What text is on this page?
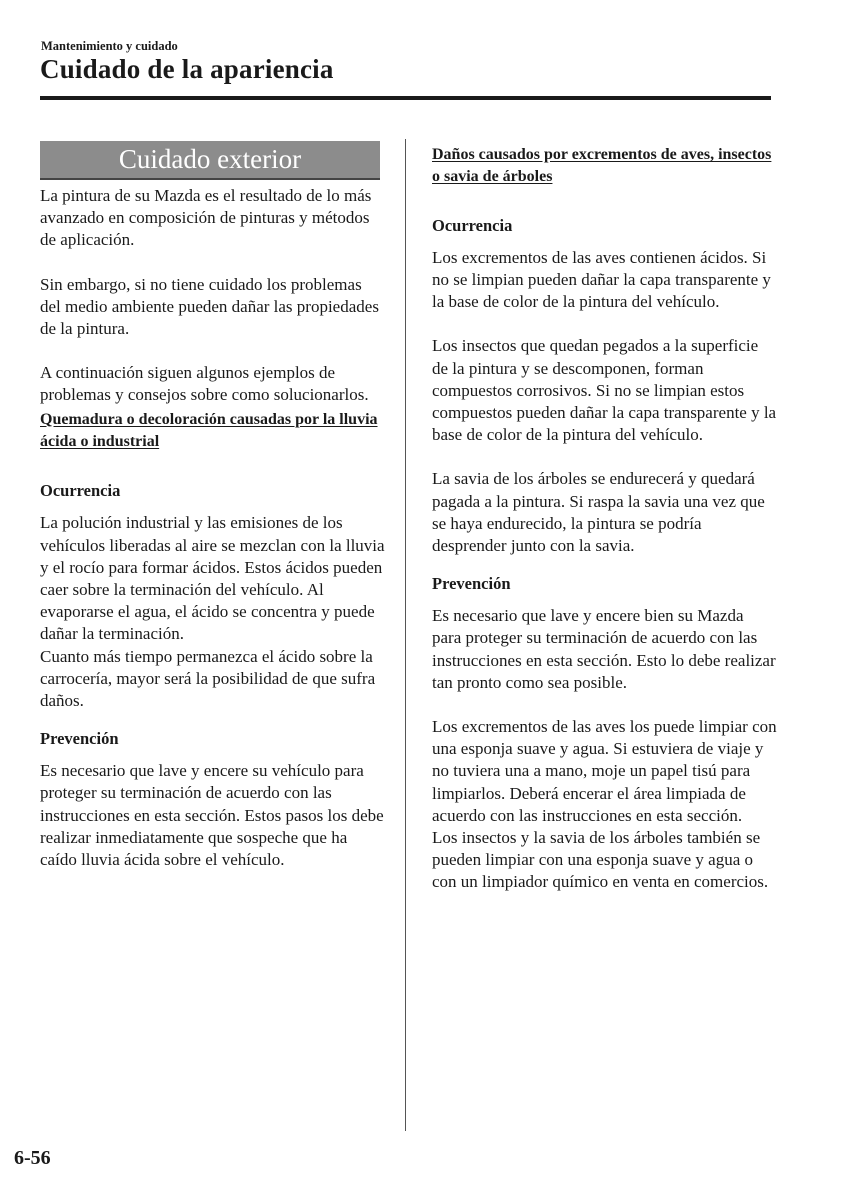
Mantenimiento y cuidado
Cuidado de la apariencia
Cuidado exterior

La pintura de su Mazda es el resultado de lo más avanzado en composición de pinturas y métodos de aplicación.

Sin embargo, si no tiene cuidado los problemas del medio ambiente pueden dañar las propiedades de la pintura.

A continuación siguen algunos ejemplos de problemas y consejos sobre como solucionarlos.

Quemadura o decoloración causadas por la lluvia ácida o industrial
Ocurrencia

La polución industrial y las emisiones de los vehículos liberadas al aire se mezclan con la lluvia y el rocío para formar ácidos. Estos ácidos pueden caer sobre la terminación del vehículo. Al evaporarse el agua, el ácido se concentra y puede dañar la terminación.

Cuanto más tiempo permanezca el ácido sobre la carrocería, mayor será la posibilidad de que sufra daños.

Prevención

Es necesario que lave y encere su vehículo para proteger su terminación de acuerdo con las instrucciones en esta sección. Estos pasos los debe realizar inmediatamente que sospeche que ha caído lluvia ácida sobre el vehículo.

Daños causados por excrementos de aves, insectos o savia de árboles
Ocurrencia

Los excrementos de las aves contienen ácidos. Si no se limpian pueden dañar la capa transparente y la base de color de la pintura del vehículo.

Los insectos que quedan pegados a la superficie de la pintura y se descomponen, forman compuestos corrosivos. Si no se limpian estos compuestos pueden dañar la capa transparente y la base de color de la pintura del vehículo.

La savia de los árboles se endurecerá y quedará pagada a la pintura. Si raspa la savia una vez que se haya endurecido, la pintura se podría desprender junto con la savia.

Prevención

Es necesario que lave y encere bien su Mazda para proteger su terminación de acuerdo con las instrucciones en esta sección. Esto lo debe realizar tan pronto como sea posible.

Los excrementos de las aves los puede limpiar con una esponja suave y agua. Si estuviera de viaje y no tuviera una a mano, moje un papel tisú para limpiarlos. Deberá encerar el área limpiada de acuerdo con las instrucciones en esta sección.

Los insectos y la savia de los árboles también se pueden limpiar con una esponja suave y agua o con un limpiador químico en venta en comercios.

6-56
